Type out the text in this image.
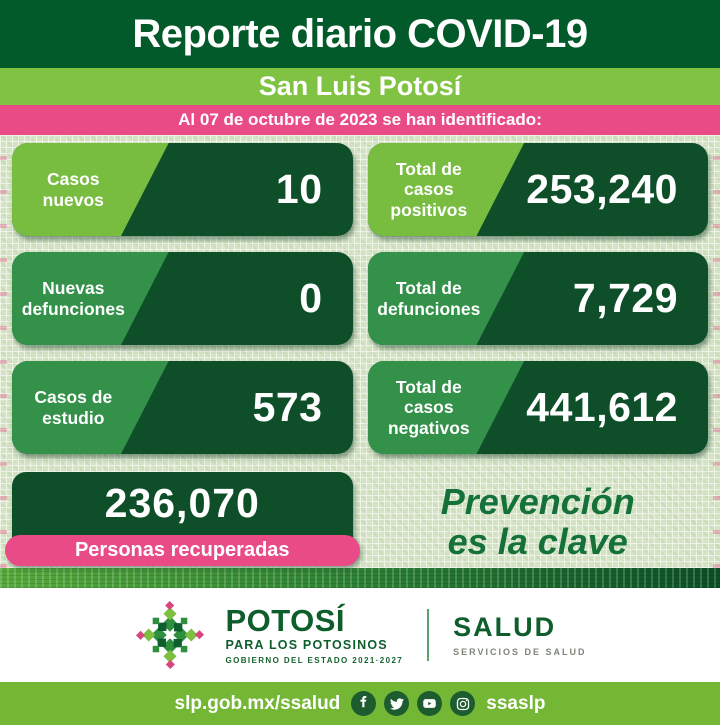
Reporte diario COVID-19
San Luis Potosí
Al 07 de octubre de 2023 se han identificado:
Casos nuevos	10	Total de casos positivos	253,240
Nuevas defunciones	0	Total de defunciones	7,729
Casos de estudio	573	Total de casos negativos	441,612
236,070
Personas recuperadas
Prevención
es la clave
POTOSÍ
PARA LOS POTOSINOS
GOBIERNO DEL ESTADO 2021·2027
SALUD
SERVICIOS DE SALUD
slp.gob.mx/ssalud	ssaslp
